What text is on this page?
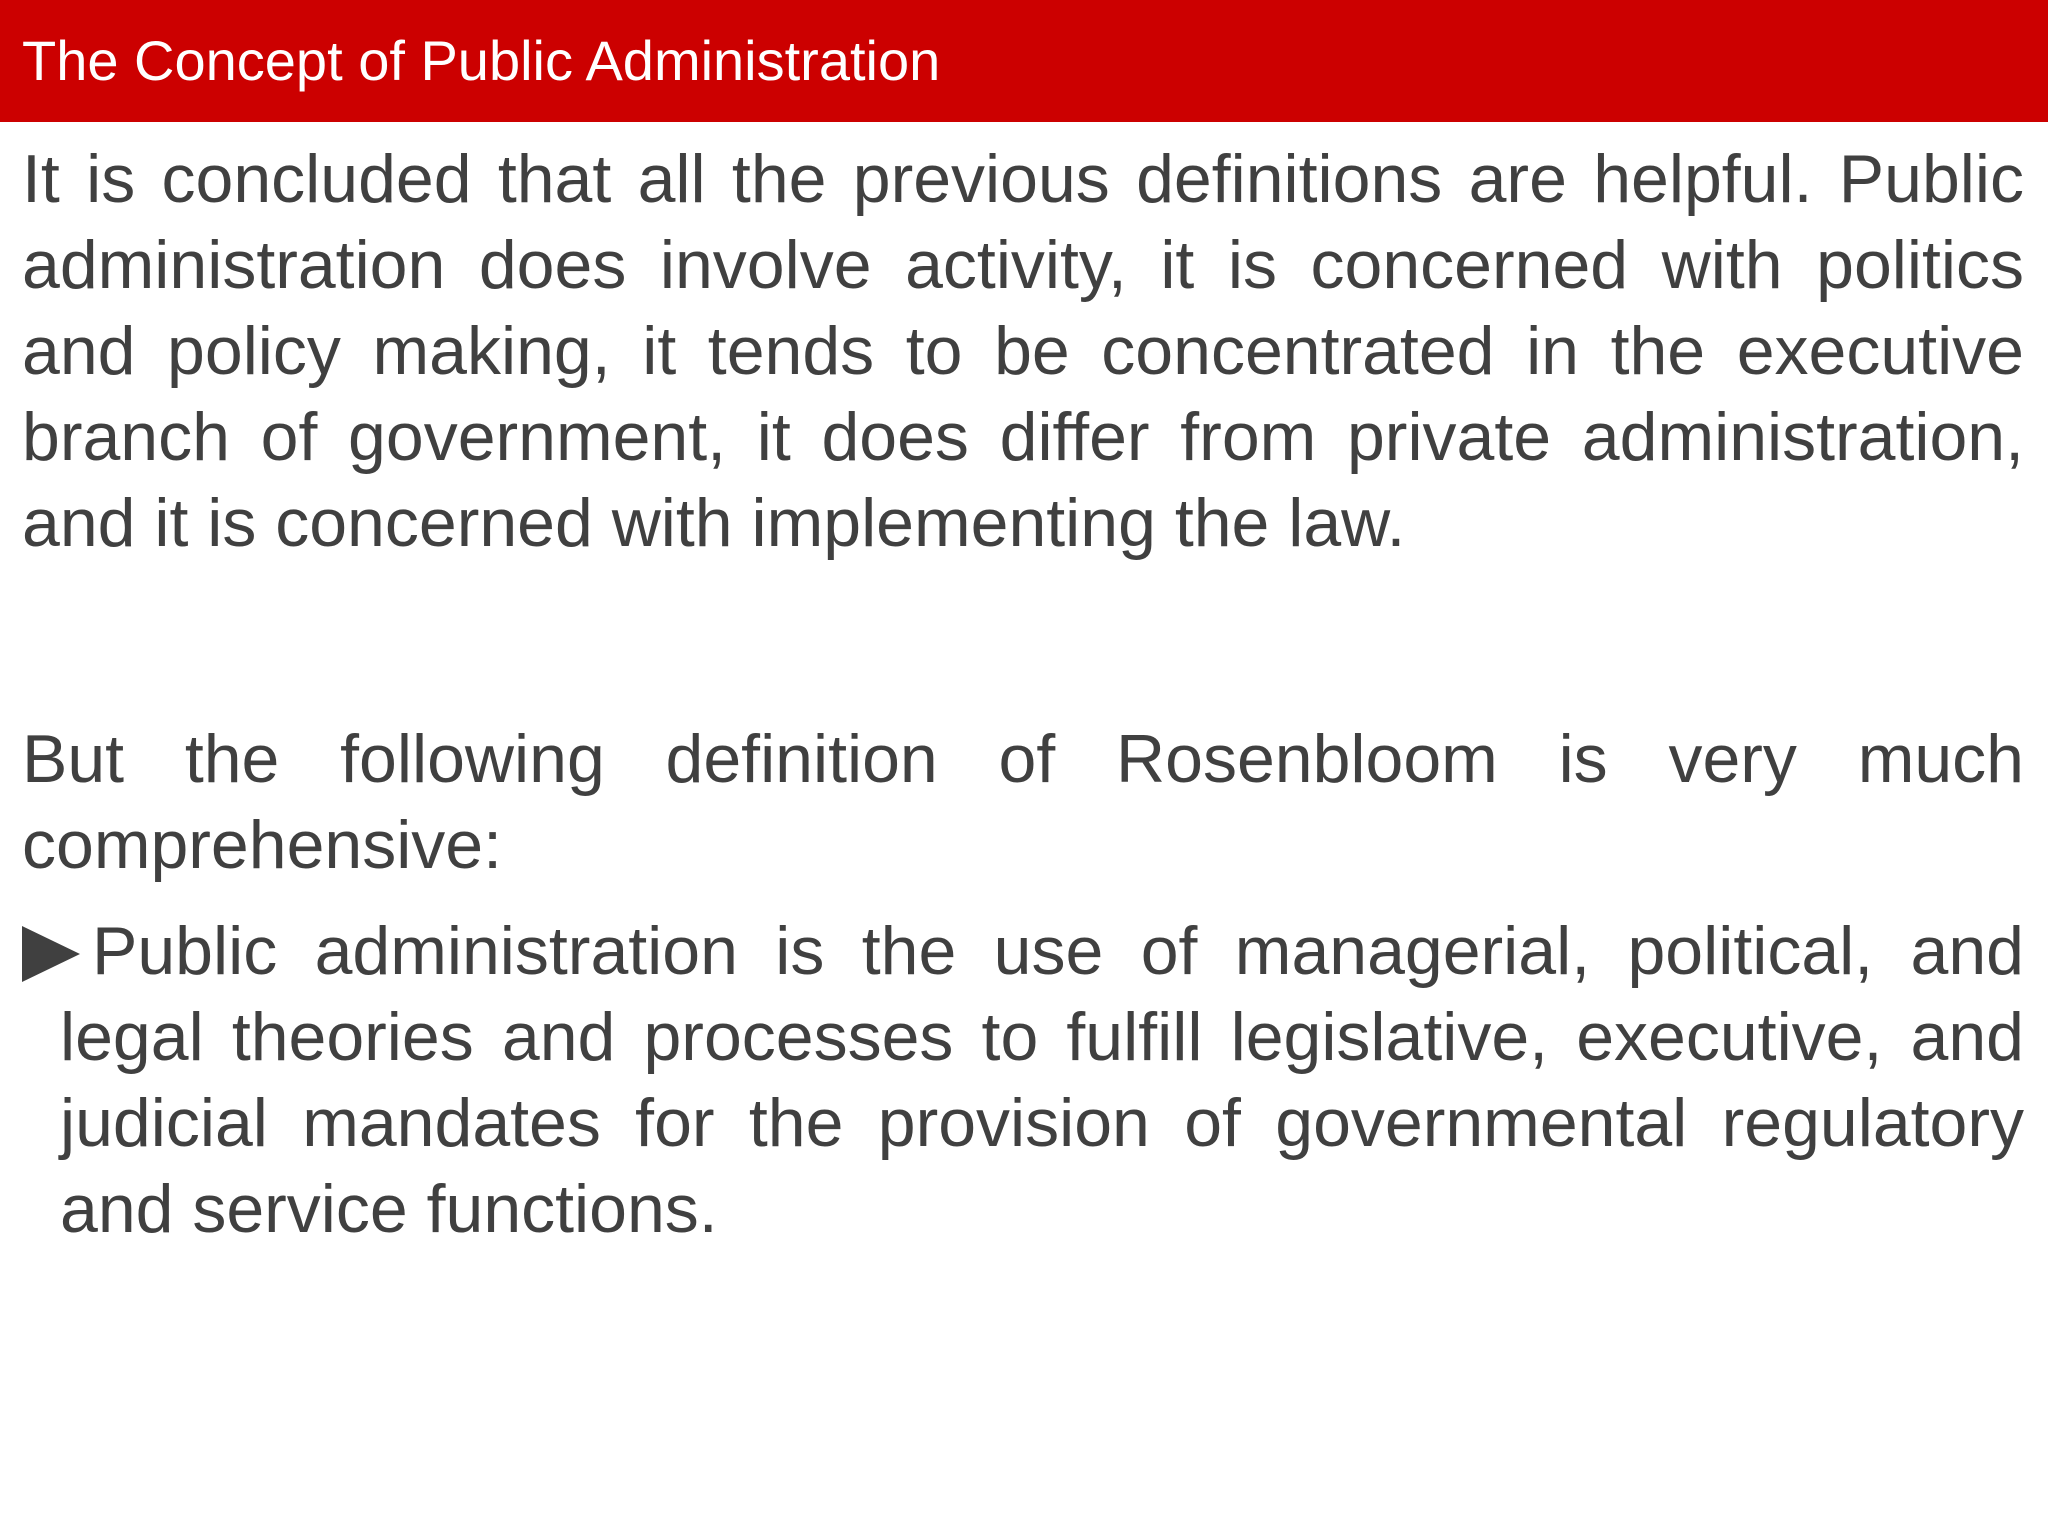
The Concept of Public Administration

It is concluded that all the previous definitions are helpful. Public administration does involve activity, it is concerned with politics and policy making, it tends to be concentrated in the executive branch of government, it does differ from private administration, and it is concerned with implementing the law.

But the following definition of Rosenbloom is very much comprehensive:

Public administration is the use of managerial, political, and legal theories and processes to fulfill legislative, executive, and judicial mandates for the provision of governmental regulatory and service functions.
